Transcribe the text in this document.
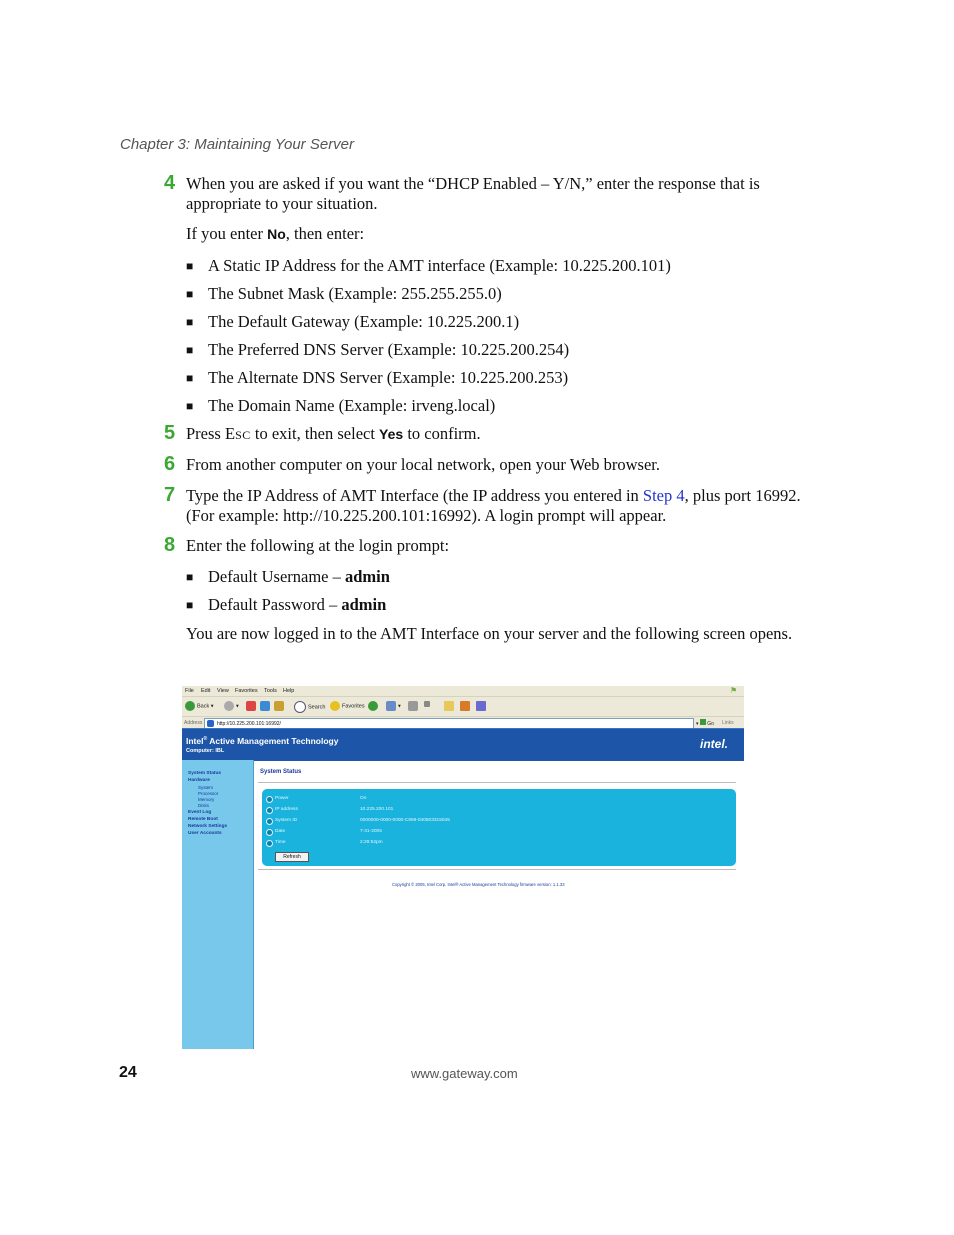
Chapter 3: Maintaining Your Server
4 When you are asked if you want the “DHCP Enabled – Y/N,” enter the response that is appropriate to your situation.
If you enter No, then enter:
■ A Static IP Address for the AMT interface (Example: 10.225.200.101)
■ The Subnet Mask (Example: 255.255.255.0)
■ The Default Gateway (Example: 10.225.200.1)
■ The Preferred DNS Server (Example: 10.225.200.254)
■ The Alternate DNS Server (Example: 10.225.200.253)
■ The Domain Name (Example: irveng.local)
5 Press ESC to exit, then select Yes to confirm.
6 From another computer on your local network, open your Web browser.
7 Type the IP Address of AMT Interface (the IP address you entered in Step 4, plus port 16992. (For example: http://10.225.200.101:16992). A login prompt will appear.
8 Enter the following at the login prompt:
■ Default Username – admin
■ Default Password – admin
You are now logged in to the AMT Interface on your server and the following screen opens.
File Edit View Favorites Tools Help	⚑
Back ▾	▾	Search	Favorites	▾
Address	http://10.225.200.101:16992/	▾  Go Links
Intel® Active Management Technology
Computer: IBL	intel.
System Status
Hardware
System
Processor
Memory
Disks
Event Log
Remote Boot
Network Settings
User Accounts
System Status
Power	On
IP address	10.225.200.101
System ID	0000000-0000-0000-C959-040503315045
Date	7-31-2005
Time	2:29:52pm
Refresh
Copyright © 2005, Intel Corp. Intel® Active Management Technology firmware version: 1.1.33
24	www.gateway.com
